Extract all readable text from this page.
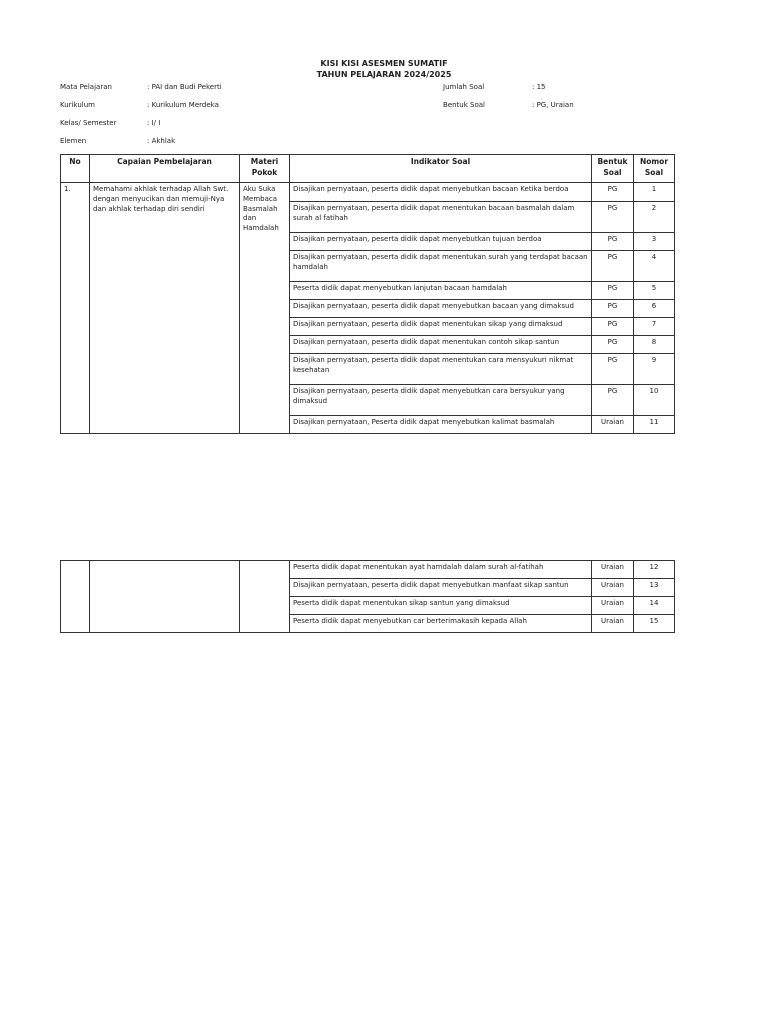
KISI KISI ASESMEN SUMATIF
TAHUN PELAJARAN 2024/2025
Mata Pelajaran	: PAI dan Budi Pekerti
Kurikulum	: Kurikulum Merdeka
Kelas/ Semester	: I/ I
Elemen	: Akhlak
Jumlah Soal	: 15
Bentuk Soal	: PG, Uraian
No	Capaian Pembelajaran	Materi Pokok	Indikator Soal	Bentuk Soal	Nomor Soal
1.	Memahami akhlak terhadap Allah Swt. dengan menyucikan dan memuji-Nya dan akhlak terhadap diri sendiri	Aku Suka Membaca Basmalah dan Hamdalah	Disajikan pernyataan, peserta didik dapat menyebutkan bacaan Ketika berdoa	PG	1
			Disajikan pernyataan, peserta didik dapat menentukan bacaan basmalah dalam surah al fatihah	PG	2
			Disajikan pernyataan, peserta didik dapat menyebutkan tujuan berdoa	PG	3
			Disajikan pernyataan, peserta didik dapat menentukan surah yang terdapat bacaan hamdalah	PG	4
			Peserta didik dapat menyebutkan lanjutan bacaan hamdalah	PG	5
			Disajikan pernyataan, peserta didik dapat menyebutkan bacaan yang dimaksud	PG	6
			Disajikan pernyataan, peserta didik dapat menentukan sikap yang dimaksud	PG	7
			Disajikan pernyataan, peserta didik dapat menentukan contoh sikap santun	PG	8
			Disajikan pernyataan, peserta didik dapat menentukan cara mensyukuri nikmat kesehatan	PG	9
			Disajikan pernyataan, peserta didik dapat menyebutkan cara bersyukur yang dimaksud	PG	10
			Disajikan pernyataan, Peserta didik dapat menyebutkan kalimat basmalah	Uraian	11
			Peserta didik dapat menentukan ayat hamdalah dalam surah al-fatihah	Uraian	12
			Disajikan pernyataan, peserta didik dapat menyebutkan manfaat sikap santun	Uraian	13
			Peserta didik dapat menentukan sikap santun yang dimaksud	Uraian	14
			Peserta didik dapat menyebutkan car berterimakasih kepada Allah	Uraian	15
